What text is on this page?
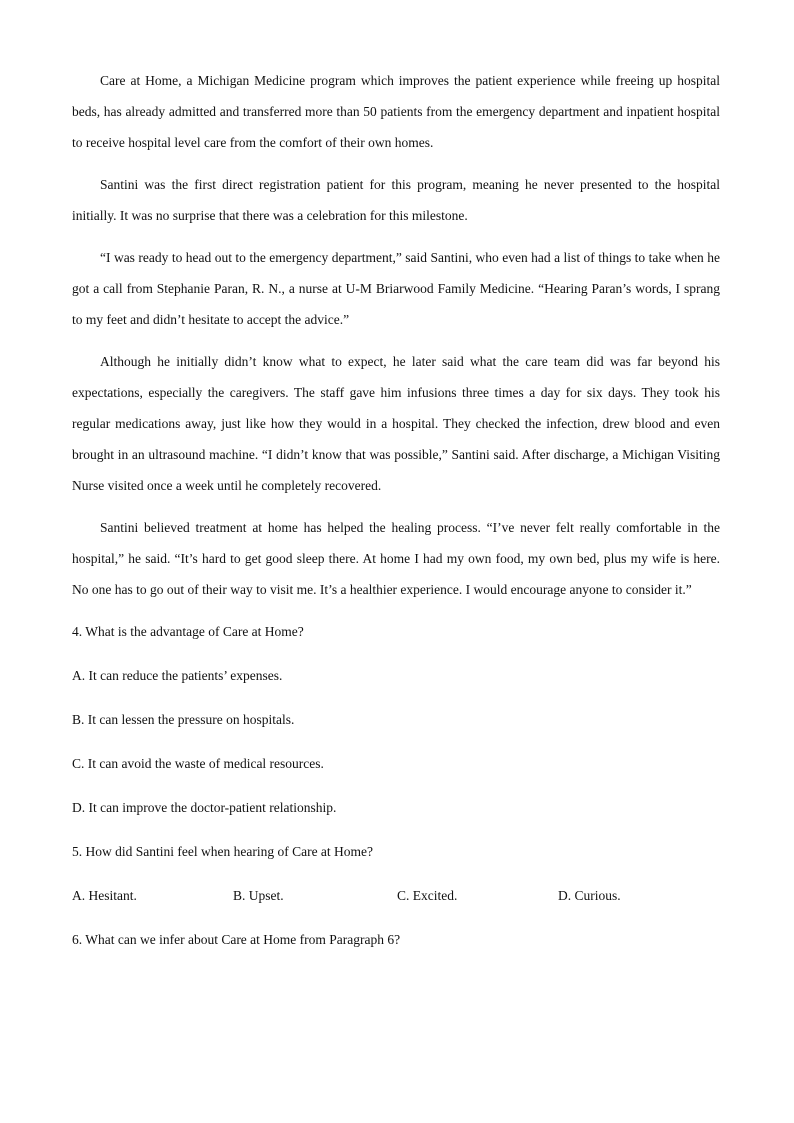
Care at Home, a Michigan Medicine program which improves the patient experience while freeing up hospital beds, has already admitted and transferred more than 50 patients from the emergency department and inpatient hospital to receive hospital level care from the comfort of their own homes.

Santini was the first direct registration patient for this program, meaning he never presented to the hospital initially. It was no surprise that there was a celebration for this milestone.

“I was ready to head out to the emergency department,” said Santini, who even had a list of things to take when he got a call from Stephanie Paran, R. N., a nurse at U-M Briarwood Family Medicine. “Hearing Paran’s words, I sprang to my feet and didn’t hesitate to accept the advice.”

Although he initially didn’t know what to expect, he later said what the care team did was far beyond his expectations, especially the caregivers. The staff gave him infusions three times a day for six days. They took his regular medications away, just like how they would in a hospital. They checked the infection, drew blood and even brought in an ultrasound machine. “I didn’t know that was possible,” Santini said. After discharge, a Michigan Visiting Nurse visited once a week until he completely recovered.

Santini believed treatment at home has helped the healing process. “I’ve never felt really comfortable in the hospital,” he said. “It’s hard to get good sleep there. At home I had my own food, my own bed, plus my wife is here. No one has to go out of their way to visit me. It’s a healthier experience. I would encourage anyone to consider it.”

4. What is the advantage of Care at Home?
A. It can reduce the patients’ expenses.
B. It can lessen the pressure on hospitals.
C. It can avoid the waste of medical resources.
D. It can improve the doctor-patient relationship.
5. How did Santini feel when hearing of Care at Home?
A. Hesitant.	B. Upset.	C. Excited.	D. Curious.
6. What can we infer about Care at Home from Paragraph 6?
